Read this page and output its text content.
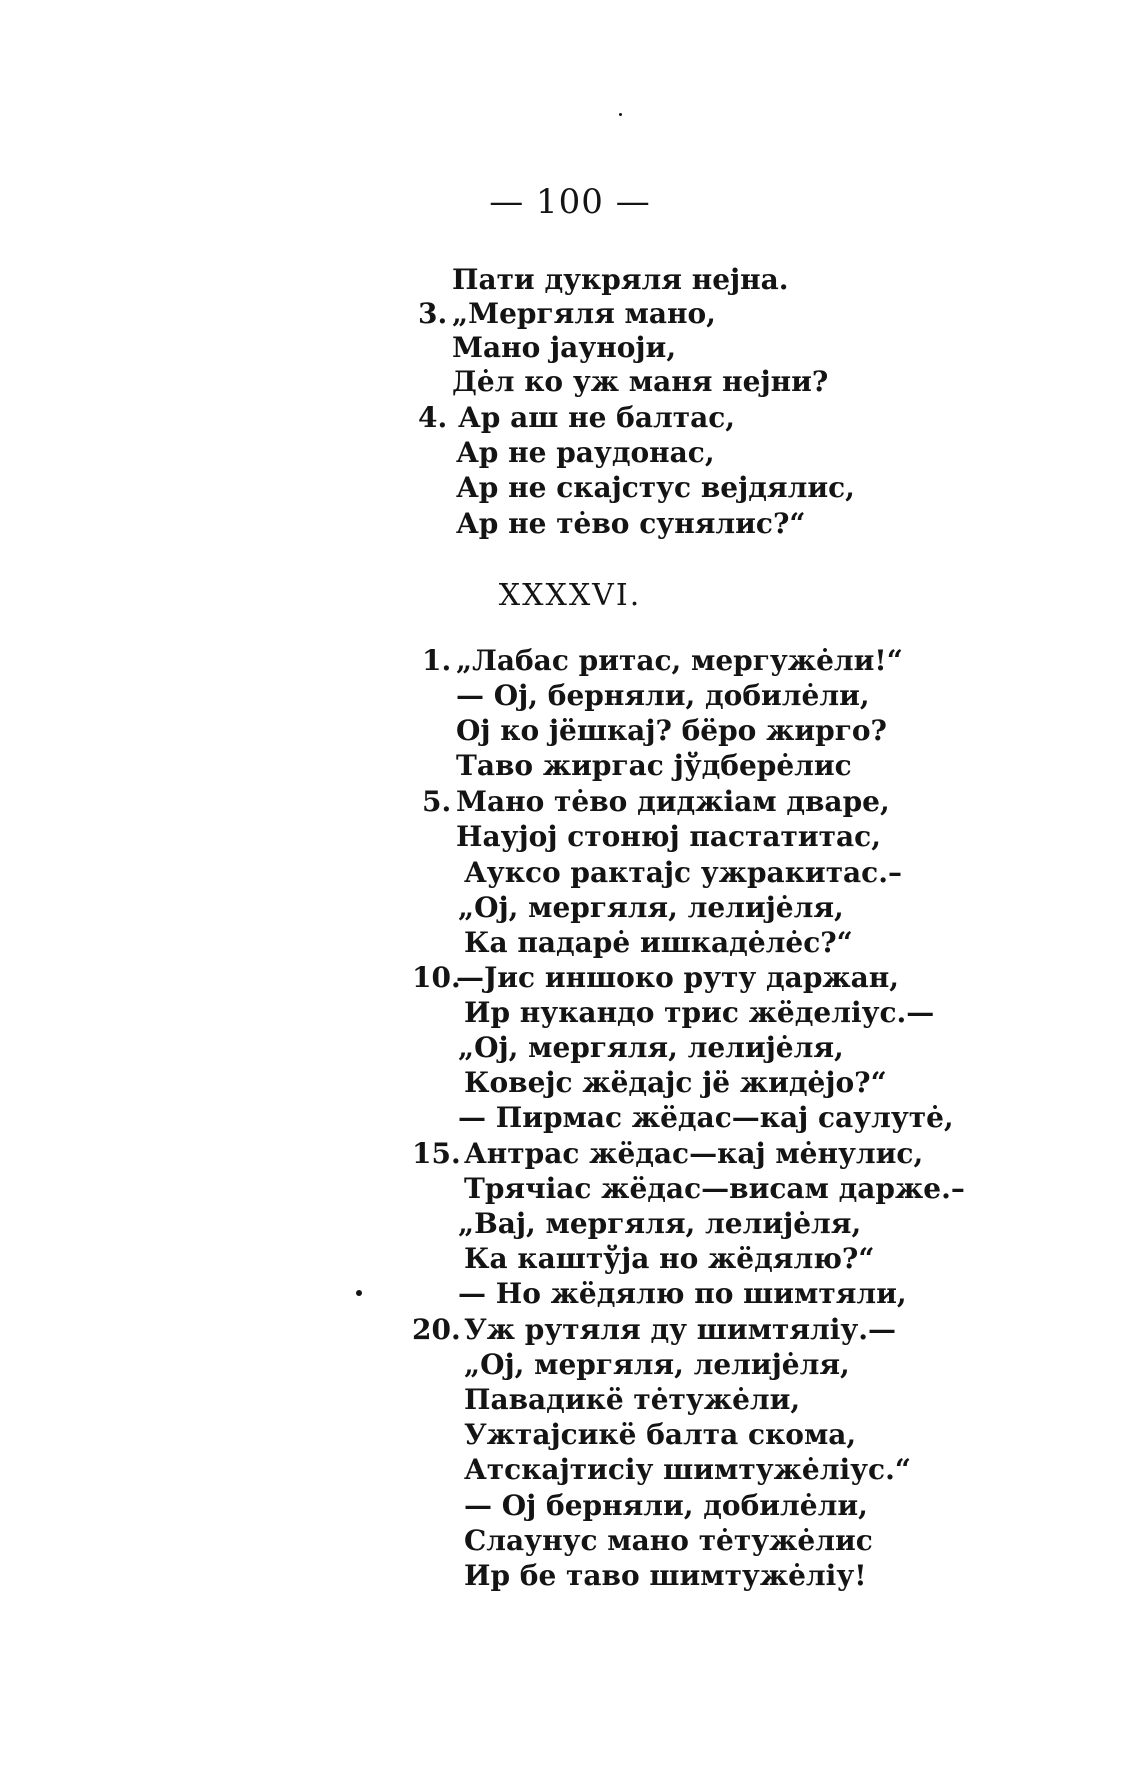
— 100 —
Пати дукряля нејна.
3. „Мергяля мано,
Мано јауноји,
Дėл ко уж маня нејни?
4. Ар аш не балтас,
Ар не раудонас,
Ар не скајстус вејдялис,
Ар не тėво сунялис?“
XXXXVI.
1. „Лабас ритас, мергужėли!“
— Ој, берняли, добилėли,
Ој ко јёшкај? бёро жирго?
Таво жиргас јўдберėлис
5. Мано тėво диджіам дваре,
Наујој стонюј пастатитас,
Ауксо рактајс ужракитас.–
„Ој, мергяля, лелијėля,
Ка падарė ишкадėлėс?“
10.
—Јис иншоко руту даржан,
Ир нукандо трис жёделіус.—
„Ој, мергяля, лелијėля,
Ковејс жёдајс јё жидėјо?“
— Пирмас жёдас—кај саулутė,
15. Антрас жёдас—кај мėнулис,
Трячіас жёдас—висам дарже.–
„Вај, мергяля, лелијėля,
Ка каштўја но жёдялю?“
— Но жёдялю по шимтяли,
20. Уж рутяля ду шимтяліу.—
„Ој, мергяля, лелијėля,
Павадикё тėтужėли,
Ужтајсикё балта скома,
Атскајтисіу шимтужėліус.“
— Ој берняли, добилėли,
Слаунус мано тėтужėлис
Ир бе таво шимтужėліу!
